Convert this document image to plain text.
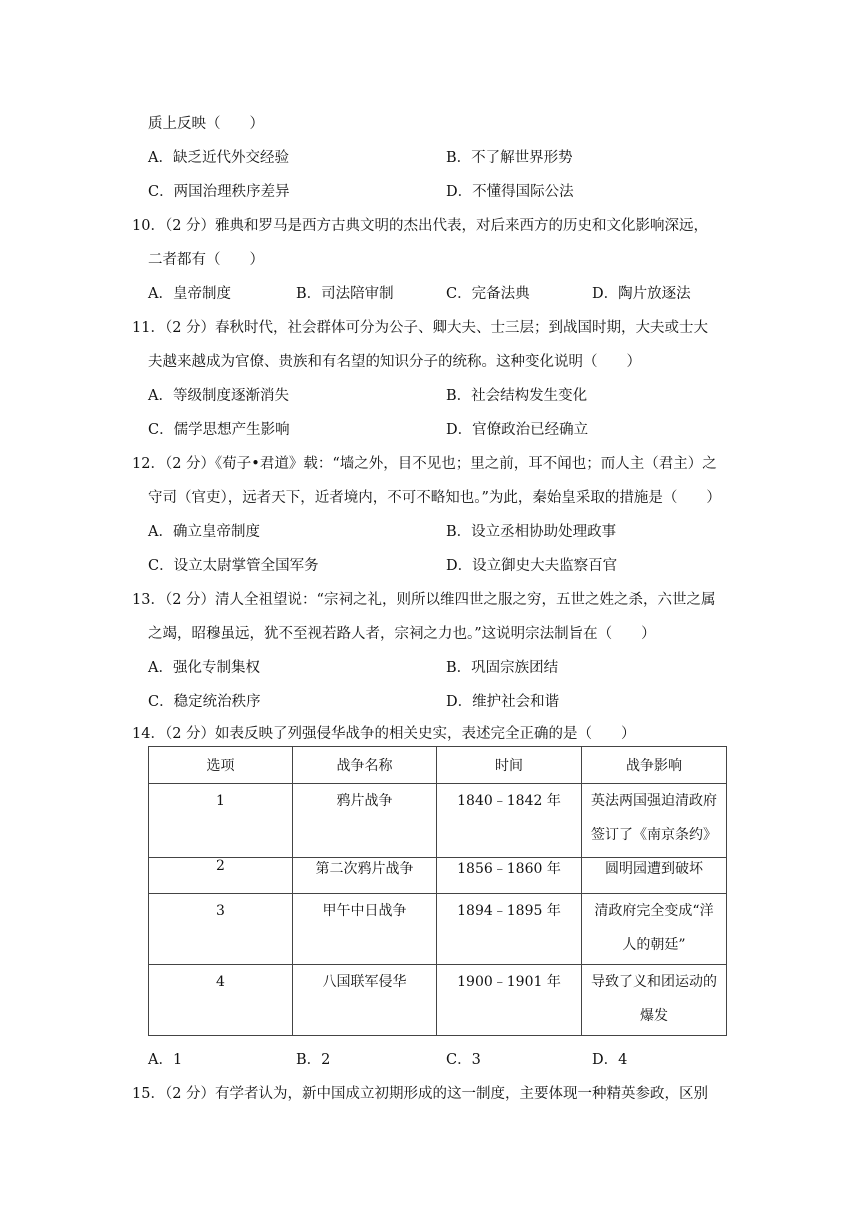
质上反映（　　）
A．缺乏近代外交经验	B．不了解世界形势
C．两国治理秩序差异	D．不懂得国际公法
10．（2 分）雅典和罗马是西方古典文明的杰出代表，对后来西方的历史和文化影响深远，
二者都有（　　）
A．皇帝制度	B．司法陪审制	C．完备法典	D．陶片放逐法
11．（2 分）春秋时代，社会群体可分为公子、卿大夫、士三层；到战国时期，大夫或士大
夫越来越成为官僚、贵族和有名望的知识分子的统称。这种变化说明（　　）
A．等级制度逐渐消失	B．社会结构发生变化
C．儒学思想产生影响	D．官僚政治已经确立
12．（2 分）《荀子•君道》载：“墙之外，目不见也；里之前，耳不闻也；而人主（君主）之
守司（官吏），远者天下，近者境内，不可不略知也。”为此，秦始皇采取的措施是（　　）
A．确立皇帝制度	B．设立丞相协助处理政事
C．设立太尉掌管全国军务	D．设立御史大夫监察百官
13．（2 分）清人全祖望说：“宗祠之礼，则所以维四世之服之穷，五世之姓之杀，六世之属
之竭，昭穆虽远，犹不至视若路人者，宗祠之力也。”这说明宗法制旨在（　　）
A．强化专制集权	B．巩固宗族团结
C．稳定统治秩序	D．维护社会和谐
14．（2 分）如表反映了列强侵华战争的相关史实，表述完全正确的是（　　）
选项	战争名称	时间	战争影响
1	鸦片战争	1840﹣1842 年	英法两国强迫清政府
签订了《南京条约》
2	第二次鸦片战争	1856﹣1860 年	圆明园遭到破坏
3	甲午中日战争	1894﹣1895 年	清政府完全变成“洋
人的朝廷”
4	八国联军侵华	1900﹣1901 年	导致了义和团运动的
爆发
A．1	B．2	C．3	D．4
15．（2 分）有学者认为，新中国成立初期形成的这一制度，主要体现一种精英参政，区别
